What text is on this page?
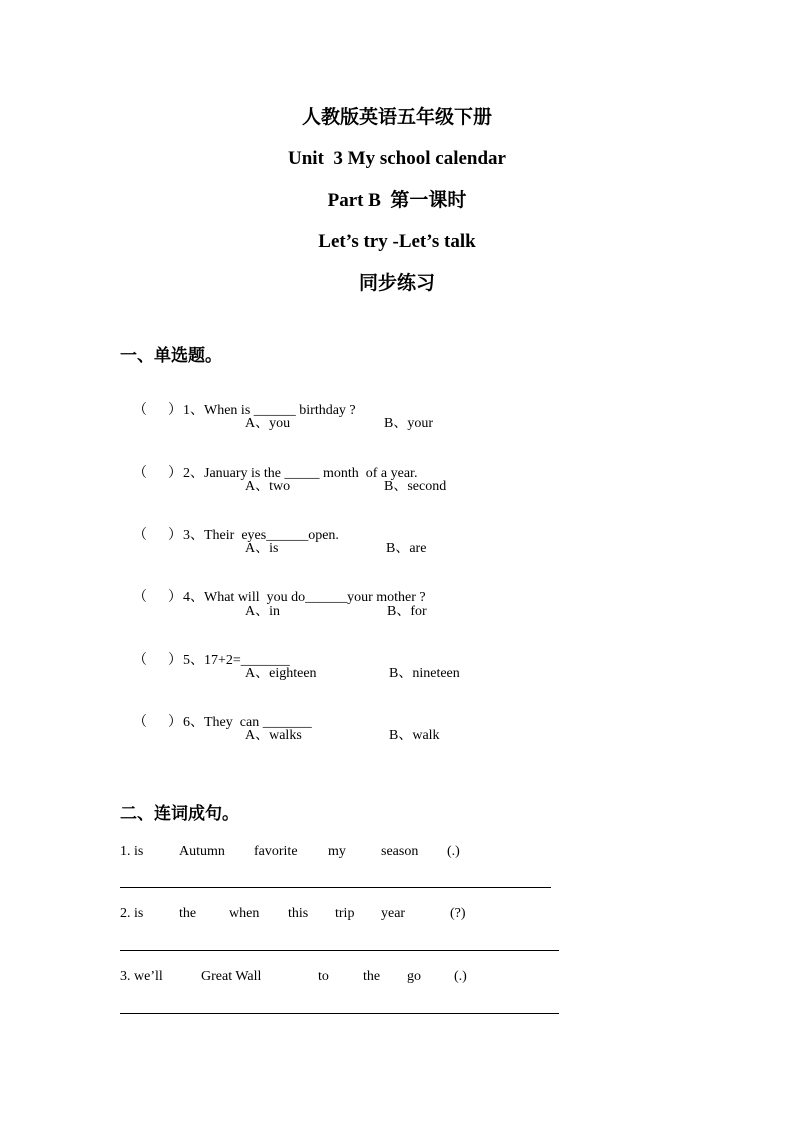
人教版英语五年级下册
Unit  3 My school calendar
Part B  第一课时
Let’s try -Let’s talk
同步练习
一、单选题。

（      ）1、When is ______ birthday ?

A、you	B、your

（      ）2、January is the _____ month  of a year.

A、two	B、second

（      ）3、Their  eyes______open.

A、is	B、are

（      ）4、What will  you do______your mother ?

A、in	B、for

（      ）5、17+2=_______

A、eighteen	B、nineteen

（      ）6、They  can _______

A、walks	B、walk
二、连词成句。
1. is	Autumn favorite my	season (.)
2. is	the when this trip year	(?)
3. we’ll	Great Wall	to the go (.)
